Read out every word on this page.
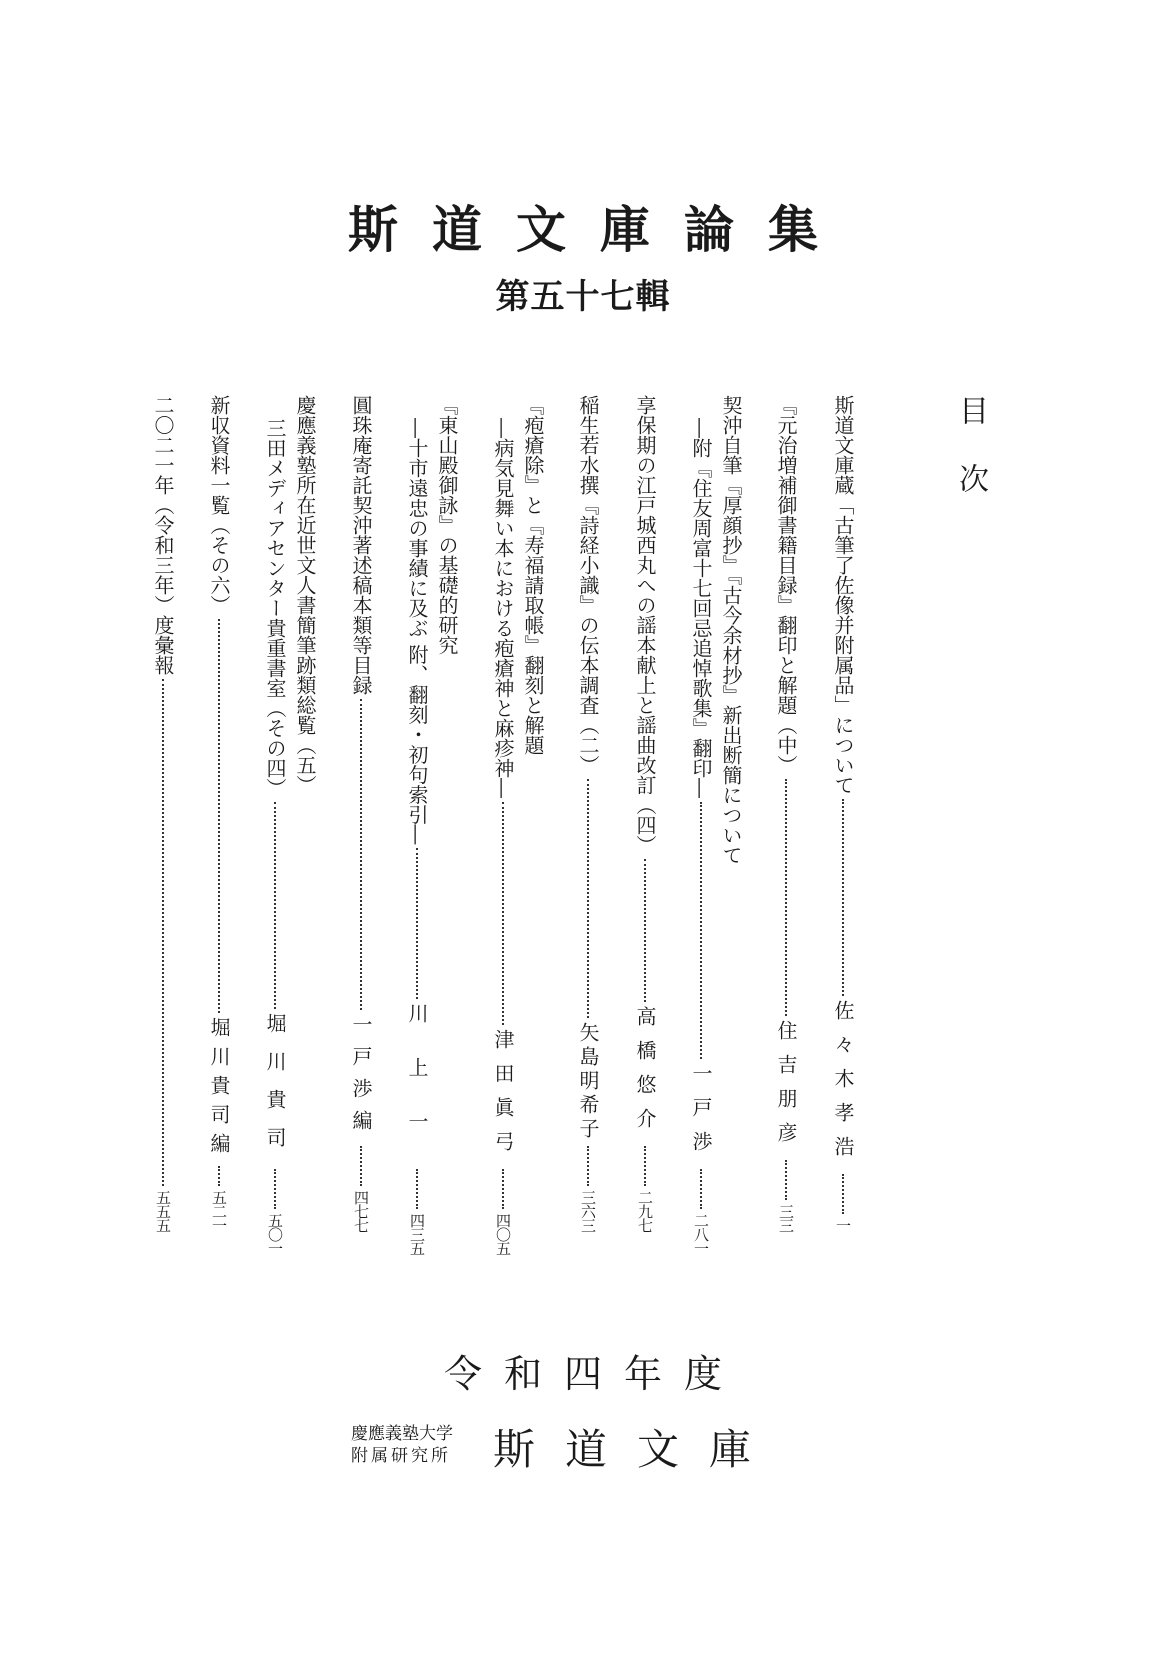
斯道文庫論集
第五十七輯
目次
斯道文庫蔵「古筆了佐像并附属品」について
佐々木孝浩
一
『元治増補御書籍目録』翻印と解題（中）
住吉朋彦
三三
契沖自筆『厚顔抄』『古今余材抄』新出断簡について
―附『住友周富十七回忌追悼歌集』翻印―
一戸渉
二八一
享保期の江戸城西丸への謡本献上と謡曲改訂（四）
高橋悠介
二九七
稲生若水撰『詩経小識』の伝本調査（二）
矢島明希子
三六三
『疱瘡除』と『寿福請取帳』翻刻と解題
―病気見舞い本における疱瘡神と麻疹神―
津田眞弓
四〇五
『東山殿御詠』の基礎的研究
―十市遠忠の事績に及ぶ 附、翻刻・初句索引―
川上一
四三五
圓珠庵寄託契沖著述稿本類等目録
一戸渉編
四七七
慶應義塾所在近世文人書簡筆跡類総覧（五）
三田メディアセンター貴重書室（その四）
堀川貴司
五〇一
新収資料一覧（その六）
堀川貴司編
五二一
二〇二一年（令和三年）度彙報
五五五
令和四年度
慶應義塾大学
附属研究所	斯道文庫
